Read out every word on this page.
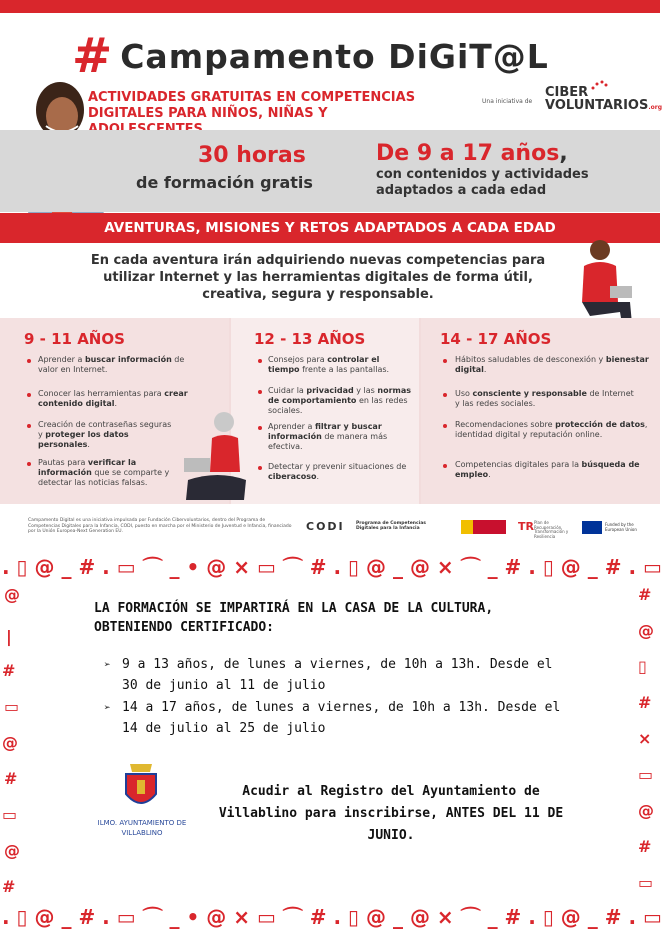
# Campamento DiGiT@L
ACTIVIDADES GRATUITAS EN COMPETENCIAS
DIGITALES PARA NIÑOS, NIÑAS Y
Una iniciativa de
CIBER
VOLUNTARIOS.org
30 horas
de formación gratis
De 9 a 17 años,
con contenidos y actividades
adaptados a cada edad
AVENTURAS, MISIONES Y RETOS ADAPTADOS A CADA EDAD
En cada aventura irán adquiriendo nuevas competencias para utilizar Internet y las herramientas digitales de forma útil, creativa, segura y responsable.
9 - 11 AÑOS	12 - 13 AÑOS	14 - 17 AÑOS
Aprender a buscar información de valor en Internet.
Conocer las herramientas para crear contenido digital.
Creación de contraseñas seguras y proteger los datos personales.
Pautas para verificar la información que se comparte y detectar las noticias falsas.
Consejos para controlar el tiempo frente a las pantallas.
Cuidar la privacidad y las normas de comportamiento en las redes sociales.
Aprender a filtrar y buscar información de manera más efectiva.
Detectar y prevenir situaciones de ciberacoso.
Hábitos saludables de desconexión y bienestar digital.
Uso consciente y responsable de Internet y las redes sociales.
Recomendaciones sobre protección de datos, identidad digital y reputación online.
Competencias digitales para la búsqueda de empleo.
Campamento Digital es una iniciativa impulsada por Fundación Cibervoluntarios, dentro del Programa de Competencias Digitales para la Infancia, CODI, puesto en marcha por el Ministerio de Juventud e Infancia, financiado por la Unión Europea-Next Generation EU.	CODI	Programa de Competencias Digitales para la Infancia	TR Plan de Recuperación, Transformación y Resiliencia
Funded by the European Union
. ▯ @ _ # . ▭ ⌒ _ • @ × ▭ ⌒ # . ▯ @ _ @ × ⌒ _ # . ▯ @ _ # . ▭
. ▯ @ _ # . ▭ ⌒ _ • @ × ▭ ⌒ # . ▯ @ _ @ × ⌒ _ # . ▯ @ _ # . ▭
@
|
#
▭
@
#
▭
@
#
#
@
▯
#
×
▭
@
#
▭
LA FORMACIÓN SE IMPARTIRÁ EN LA CASA DE LA CULTURA,
OBTENIENDO CERTIFICADO:
➢ 9 a 13 años, de lunes a viernes, de 10h a 13h. Desde el 30 de junio al 11 de julio
➢ 14 a 17 años, de lunes a viernes, de 10h a 13h. Desde el 14 de julio al 25 de julio
ILMO. AYUNTAMIENTO DE
VILLABLINO
Acudir al Registro del Ayuntamiento de
Villablino para inscribirse, ANTES DEL 11 DE
JUNIO.
